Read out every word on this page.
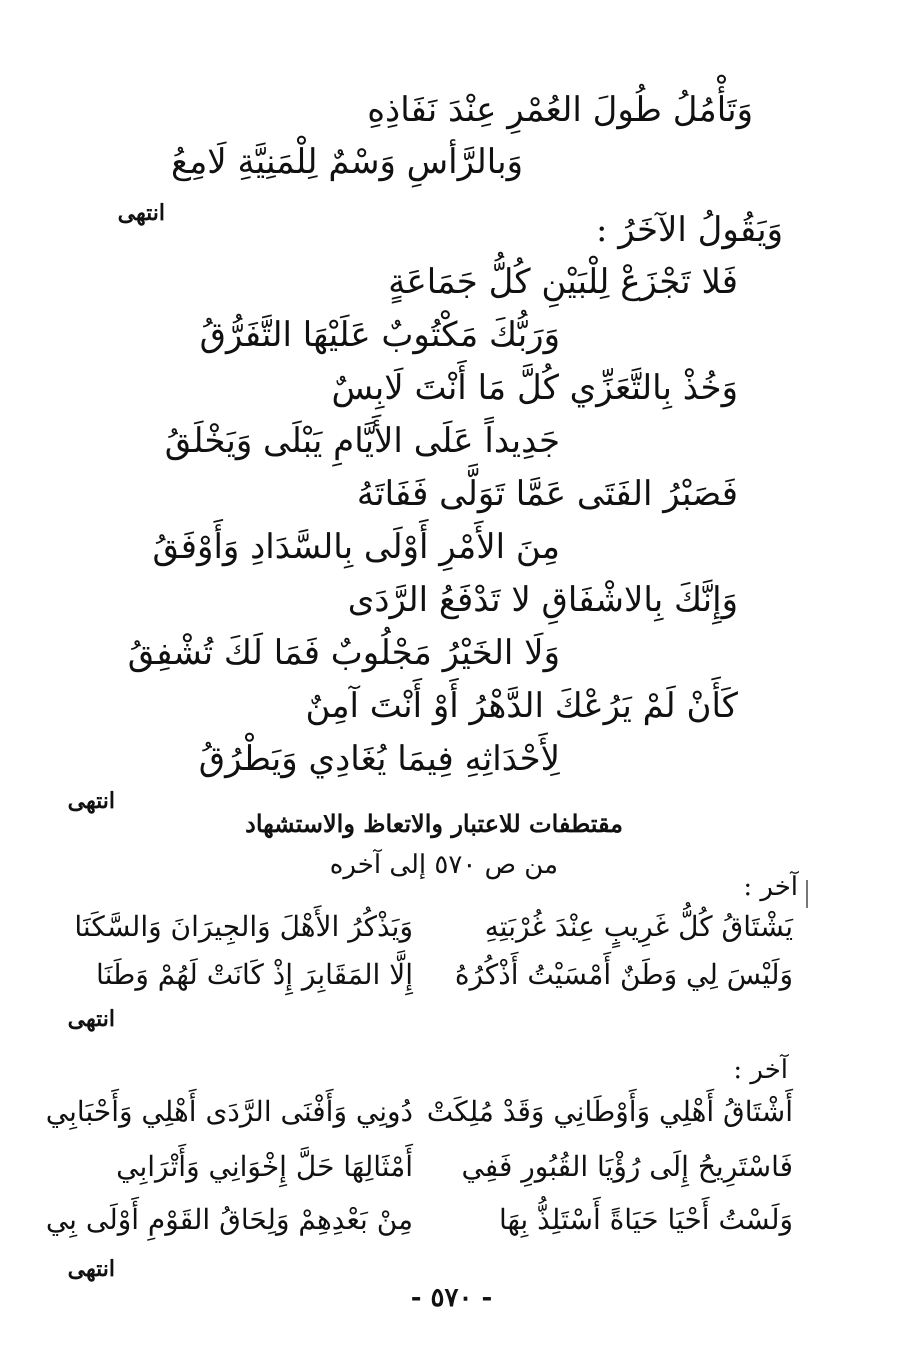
وَتَأْمُلُ طُولَ العُمْرِ عِنْدَ نَفَاذِهِ
وَبالرَّأسِ وَسْمٌ لِلْمَنِيَّةِ لَامِعُ
انتهى	وَيَقُولُ الآخَرُ :
فَلا تَجْزَعْ لِلْبَيْنِ كُلُّ جَمَاعَةٍ
وَرَبُّكَ مَكْتُوبٌ عَلَيْهَا التَّفَرُّقُ
وَخُذْ بِالتَّعَزِّي كُلَّ مَا أَنْتَ لَابِسٌ
جَدِيداً عَلَى الأَيَّامِ يَبْلَى وَيَخْلَقُ
فَصَبْرُ الفَتَى عَمَّا تَوَلَّى فَفَاتَهُ
مِنَ الأَمْرِ أَوْلَى بِالسَّدَادِ وَأَوْفَقُ
وَإِنَّكَ بِالاشْفَاقِ لا تَدْفَعُ الرَّدَى
وَلَا الخَيْرُ مَجْلُوبٌ فَمَا لَكَ تُشْفِقُ
كَأَنْ لَمْ يَرُعْكَ الدَّهْرُ أَوْ أَنْتَ آمِنٌ
لِأَحْدَاثِهِ فِيمَا يُغَادِي وَيَطْرُقُ
انتهى
مقتطفات للاعتبار والاتعاظ والاستشهاد
من ص ٥٧٠ إلى آخره
آخر :
يَشْتَاقُ كُلُّ غَرِيبٍ عِنْدَ غُرْبَتِهِ
وَيَذْكُرُ الأَهْلَ وَالجِيرَانَ وَالسَّكَنَا
وَلَيْسَ لِي وَطَنٌ أَمْسَيْتُ أَذْكُرُهُ
إِلَّا المَقَابِرَ إِذْ كَانَتْ لَهُمْ وَطَنَا
انتهى
آخر :
أَشْتَاقُ أَهْلِي وَأَوْطَانِي وَقَدْ مُلِكَتْ
دُونِي وَأَفْنَى الرَّدَى أَهْلِي وَأَحْبَابِي
فَاسْتَرِيحُ إِلَى رُؤْيَا القُبُورِ فَفِي
أَمْثَالِهَا حَلَّ إِخْوَانِي وَأَتْرَابِي
وَلَسْتُ أَحْيَا حَيَاةً أَسْتَلِذُّ بِهَا
مِنْ بَعْدِهِمْ وَلِحَاقُ القَوْمِ أَوْلَى بِي
انتهى
- ٥٧٠ -
